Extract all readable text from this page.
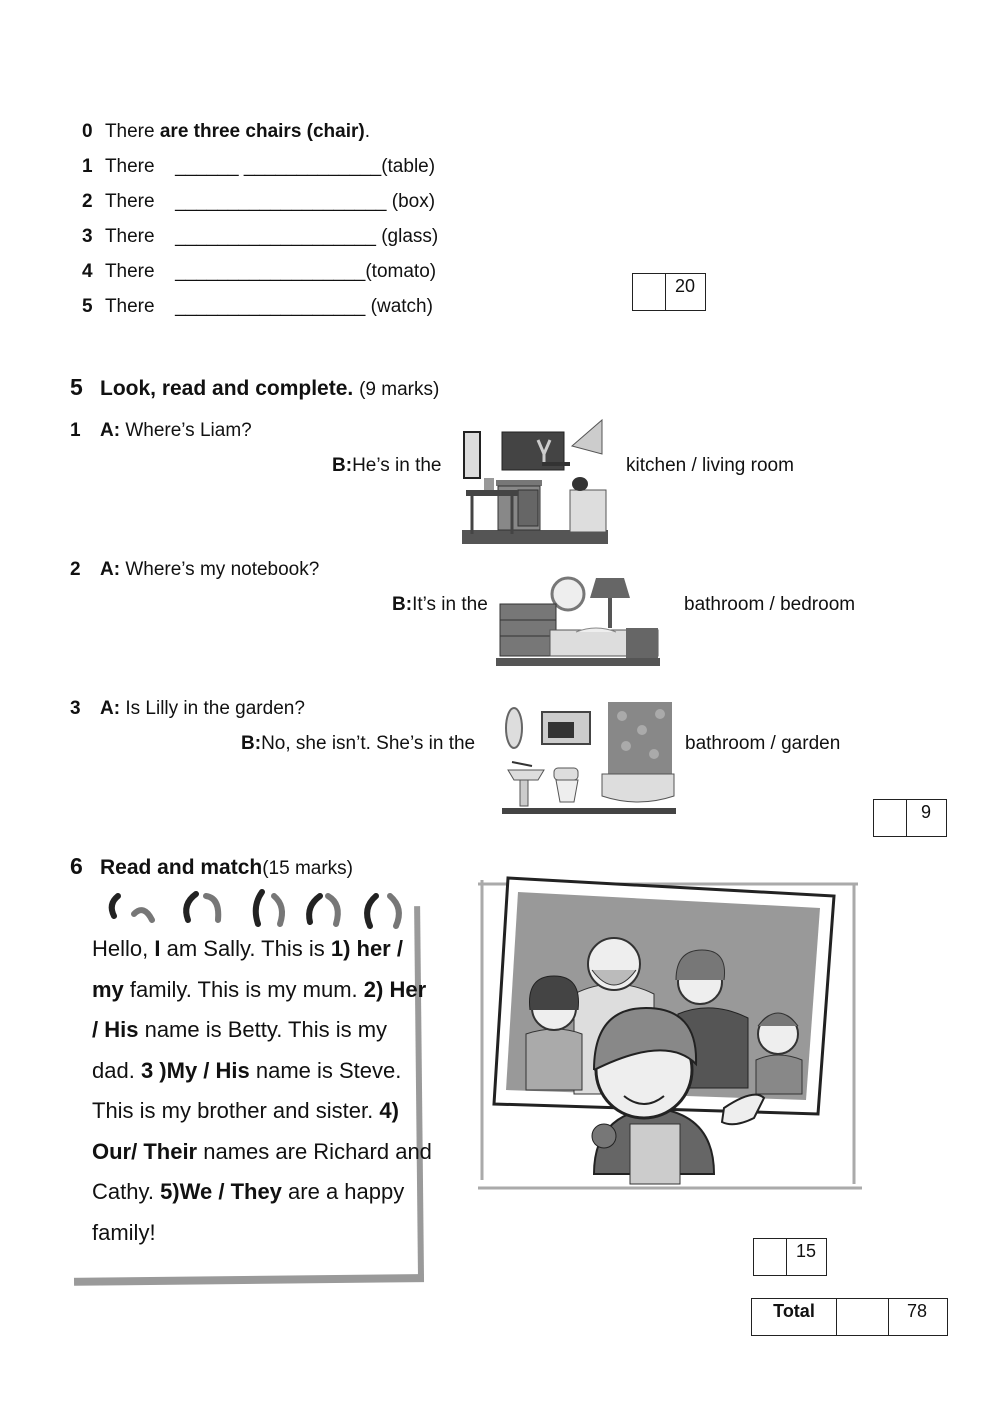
0 There are three chairs (chair).
1 There ______ _____________(table)
2 There ____________________ (box)
3 There ___________________ (glass)
4 There __________________(tomato)
5 There __________________ (watch)
20
5 Look, read and complete. (9 marks)
1 A: Where’s Liam?
B:He’s in the	kitchen / living room
2 A: Where’s my notebook?
B:It’s in the	bathroom / bedroom
3 A: Is Lilly in the garden?
B:No, she isn’t. She’s in the	bathroom / garden
9
6 Read and match(15 marks)
Hello, I am Sally. This is 1) her / my family. This is my mum. 2) Her / His name is Betty. This is my dad. 3 )My / His name is Steve. This is my brother and sister. 4) Our/ Their names are Richard and Cathy. 5)We / They are a happy family!
15
Total	78
